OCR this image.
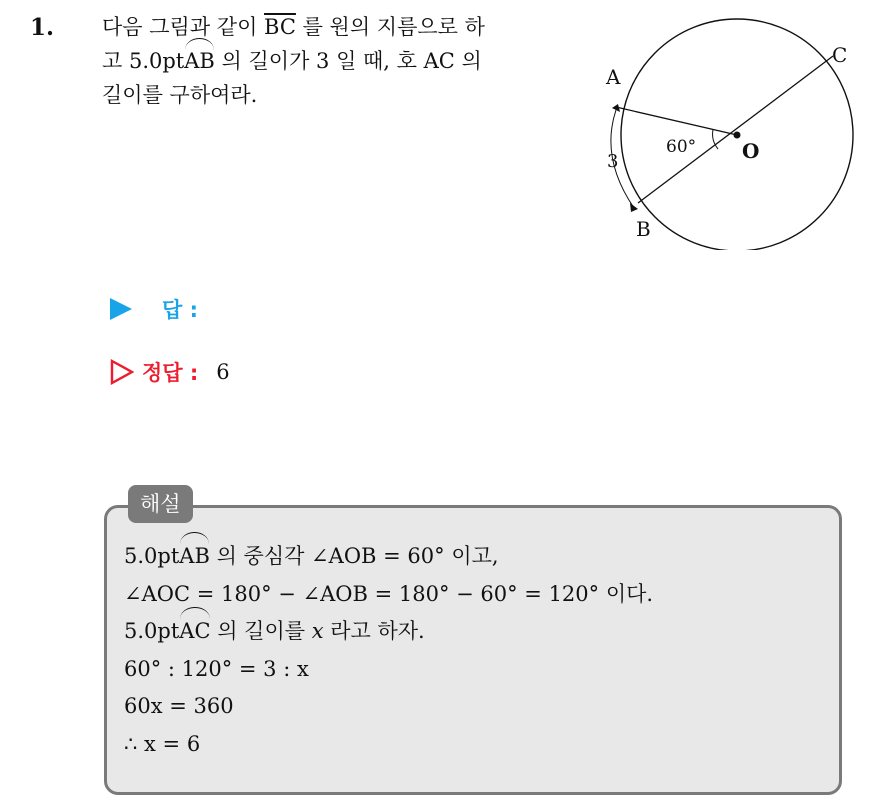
1. 다음 그림과 같이 $\overline{BC}$ 를 원의 지름으로 하
고 5.0pt
AB 의 길이가 3 일 때, 호 AC 의
길이를 구하여라.
A
B
C
O
60°
3
답 :
정답 : 6
해설
5.0pt
AB 의 중심각 ∠AOB = 60° 이고,
∠AOC = 180° − ∠AOB = 180° − 60° = 120° 이다.
5.0pt
AC 의 길이를 x 라고 하자.
60° : 120° = 3 : x
60x = 360
∴ x = 6
